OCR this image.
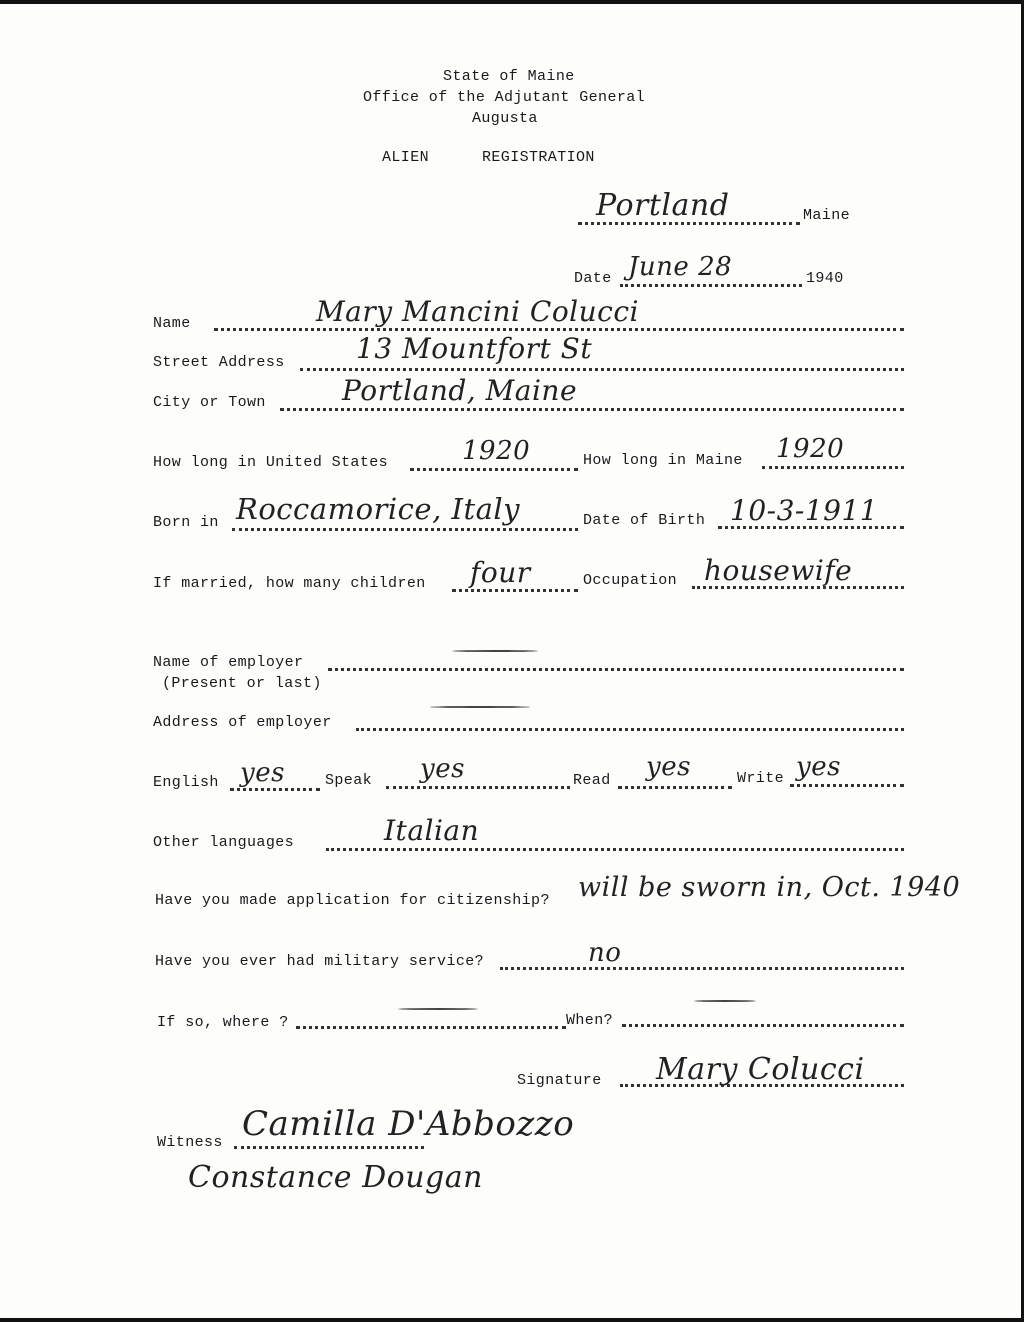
State of Maine
Office of the Adjutant General
Augusta
ALIEN	REGISTRATION
Portland	Maine
Date June 28	1940
Name	Mary Mancini Colucci
Street Address	13 Mountfort St
City or Town	Portland, Maine
How long in United States	1920	How long in Maine 1920
Born in Roccamorice, Italy	Date of Birth 10-3-1911
If married, how many children four	Occupation housewife
Name of employer
(Present or last)
Address of employer
English yes	Speak yes	Read yes	Write yes
Other languages	Italian
Have you made application for citizenship? will be sworn in, Oct. 1940
Have you ever had military service?	no
If so, where ?	When?
Signature Mary Colucci
Witness Camilla D'Abbozzo
Constance Dougan
